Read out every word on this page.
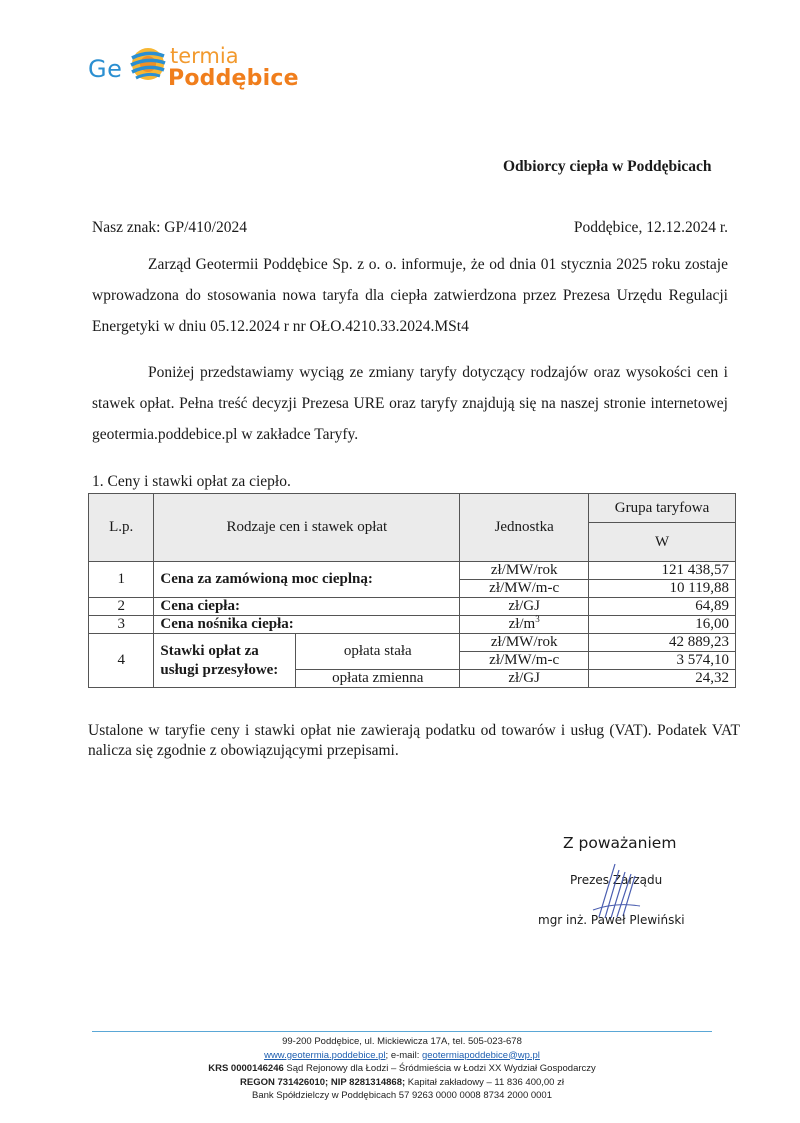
Ge termia
Poddębice
Odbiorcy ciepła w Poddębicach
Nasz znak: GP/410/2024	Poddębice, 12.12.2024 r.
Zarząd Geotermii Poddębice Sp. z o. o. informuje, że od dnia 01 stycznia 2025 roku zostaje wprowadzona do stosowania nowa taryfa dla ciepła zatwierdzona przez Prezesa Urzędu Regulacji Energetyki w dniu 05.12.2024 r nr OŁO.4210.33.2024.MSt4
Poniżej przedstawiamy wyciąg ze zmiany taryfy dotyczący rodzajów oraz wysokości cen i stawek opłat. Pełna treść decyzji Prezesa URE oraz taryfy znajdują się na naszej stronie internetowej geotermia.poddebice.pl w zakładce Taryfy.
1. Ceny i stawki opłat za ciepło.
L.p.	Rodzaje cen i stawek opłat		Jednostka	Grupa taryfowa
				W
1	Cena za zamówioną moc cieplną:		zł/MW/rok	121 438,57
			zł/MW/m-c	10 119,88
2	Cena ciepła:		zł/GJ	64,89
3	Cena nośnika ciepła:		$zł/m^3$	16,00
4	Stawki opłat za usługi przesyłowe:	opłata stała	zł/MW/rok	42 889,23
			zł/MW/m-c	3 574,10
		opłata zmienna	zł/GJ	24,32
Ustalone w taryfie ceny i stawki opłat nie zawierają podatku od towarów i usług (VAT). Podatek VAT nalicza się zgodnie z obowiązującymi przepisami.
Z poważaniem
Prezes Zarządu
mgr inż. Paweł Plewiński
99-200 Poddębice, ul. Mickiewicza 17A, tel. 505-023-678
www.geotermia.poddebice.pl; e-mail: geotermiapoddebice@wp.pl
KRS 0000146246 Sąd Rejonowy dla Łodzi – Śródmieścia w Łodzi XX Wydział Gospodarczy
REGON 731426010; NIP 8281314868; Kapitał zakładowy – 11 836 400,00 zł
Bank Spółdzielczy w Poddębicach 57 9263 0000 0008 8734 2000 0001
